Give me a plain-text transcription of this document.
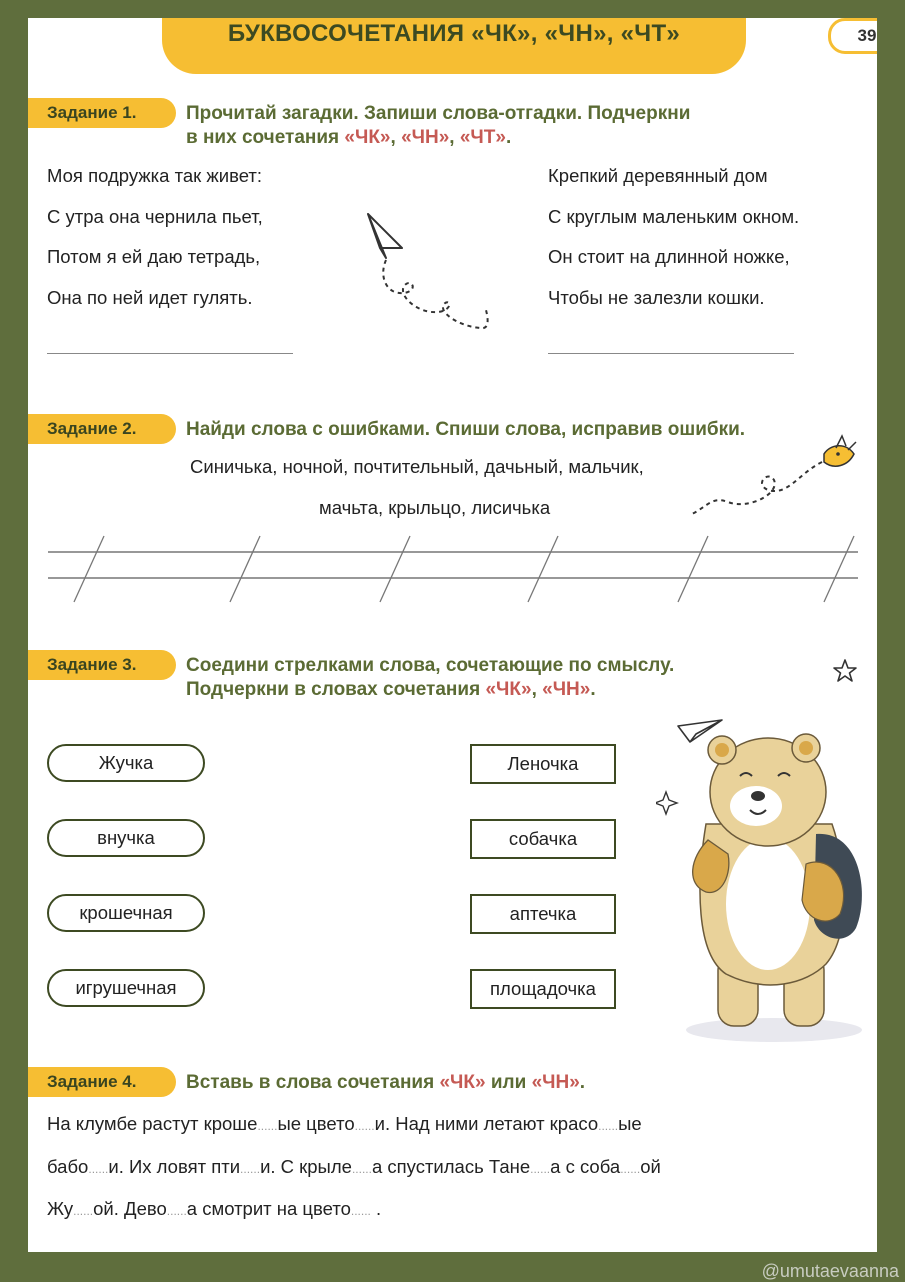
БУКВОСОЧЕТАНИЯ «ЧК», «ЧН», «ЧТ»	39
Задание 1.	Прочитай загадки. Запиши слова-отгадки. Подчеркни
в них сочетания «ЧК», «ЧН», «ЧТ».
Моя подружка так живет:
С утра она чернила пьет,
Потом я ей даю тетрадь,
Она по ней идет гулять.
Крепкий деревянный дом
С круглым маленьким окном.
Он стоит на длинной ножке,
Чтобы не залезли кошки.
Задание 2.	Найди слова с ошибками. Спиши слова, исправив ошибки.
Синичька, ночной, почтительный, дачьный, мальчик,
мачьта, крыльцо, лисичька
Задание 3.	Соедини стрелками слова, сочетающие по смыслу.
Подчеркни в словах сочетания «ЧК», «ЧН».
Жучка
внучка
крошечная
игрушечная
Леночка
собачка
аптечка
площадочка
Задание 4.	Вставь в слова сочетания «ЧК» или «ЧН».
На клумбе растут кроше......ые цвето......и. Над ними летают красо......ые
бабо......и. Их ловят пти......и. С крыле......а спустилась Тане......а с соба......ой
Жу......ой. Дево......а смотрит на цвето...... .
@umutaevaanna
